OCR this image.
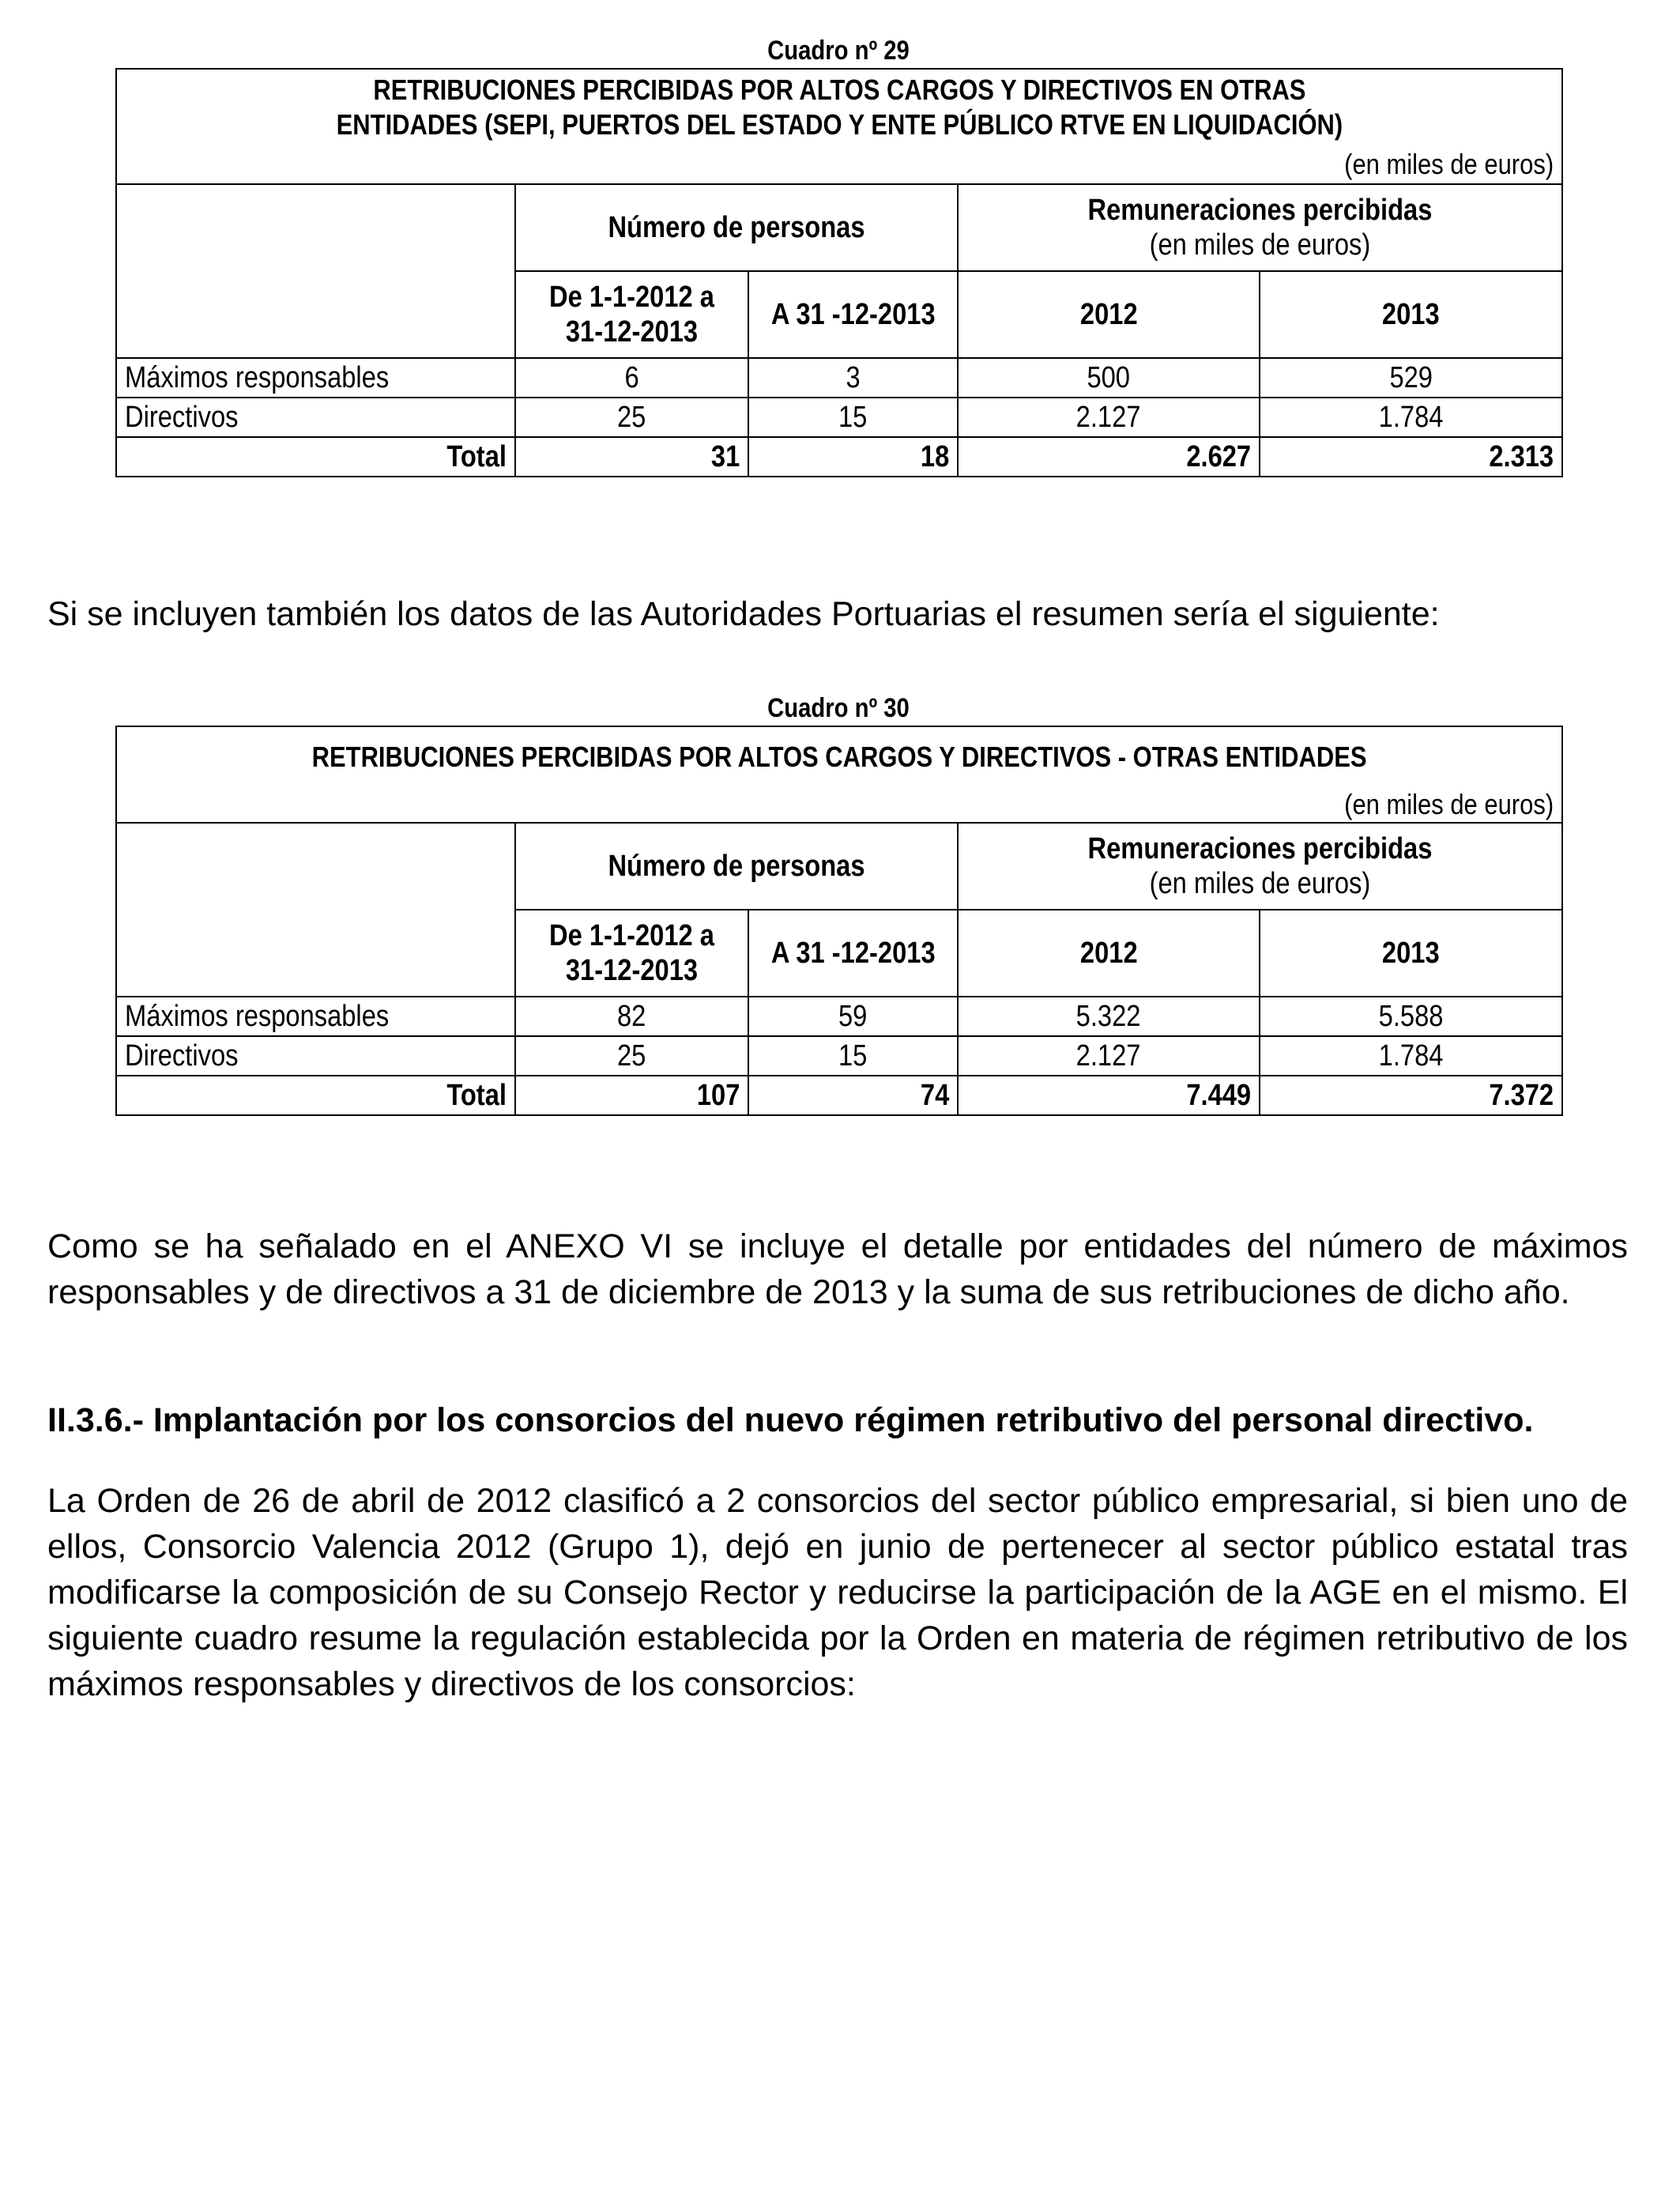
Cuadro nº 29
RETRIBUCIONES PERCIBIDAS POR ALTOS CARGOS Y DIRECTIVOS EN OTRAS
ENTIDADES (SEPI, PUERTOS DEL ESTADO Y ENTE PÚBLICO RTVE EN LIQUIDACIÓN)				
(en miles de euros)				
	Número de personas		Remuneraciones percibidas
(en miles de euros)	
	De 1-1-2012 a
31-12-2013	A 31 -12-2013	2012	2013
Máximos responsables	6	3	500	529
Directivos	25	15	2.127	1.784
Total	31	18	2.627	2.313

Si se incluyen también los datos de las Autoridades Portuarias el resumen sería el siguiente:

Cuadro nº 30
RETRIBUCIONES PERCIBIDAS POR ALTOS CARGOS Y DIRECTIVOS - OTRAS ENTIDADES				
(en miles de euros)				
	Número de personas		Remuneraciones percibidas
(en miles de euros)	
	De 1-1-2012 a
31-12-2013	A 31 -12-2013	2012	2013
Máximos responsables	82	59	5.322	5.588
Directivos	25	15	2.127	1.784
Total	107	74	7.449	7.372

Como se ha señalado en el ANEXO VI se incluye el detalle por entidades del número de máximos responsables y de directivos a 31 de diciembre de 2013 y la suma de sus retribuciones de dicho año.

II.3.6.- Implantación por los consorcios del nuevo régimen retributivo del personal directivo.

La Orden de 26 de abril de 2012 clasificó a 2 consorcios del sector público empresarial, si bien uno de ellos, Consorcio Valencia 2012 (Grupo 1), dejó en junio de pertenecer al sector público estatal tras modificarse la composición de su Consejo Rector y reducirse la participación de la AGE en el mismo. El siguiente cuadro resume la regulación establecida por la Orden en materia de régimen retributivo de los máximos responsables y directivos de los consorcios:
